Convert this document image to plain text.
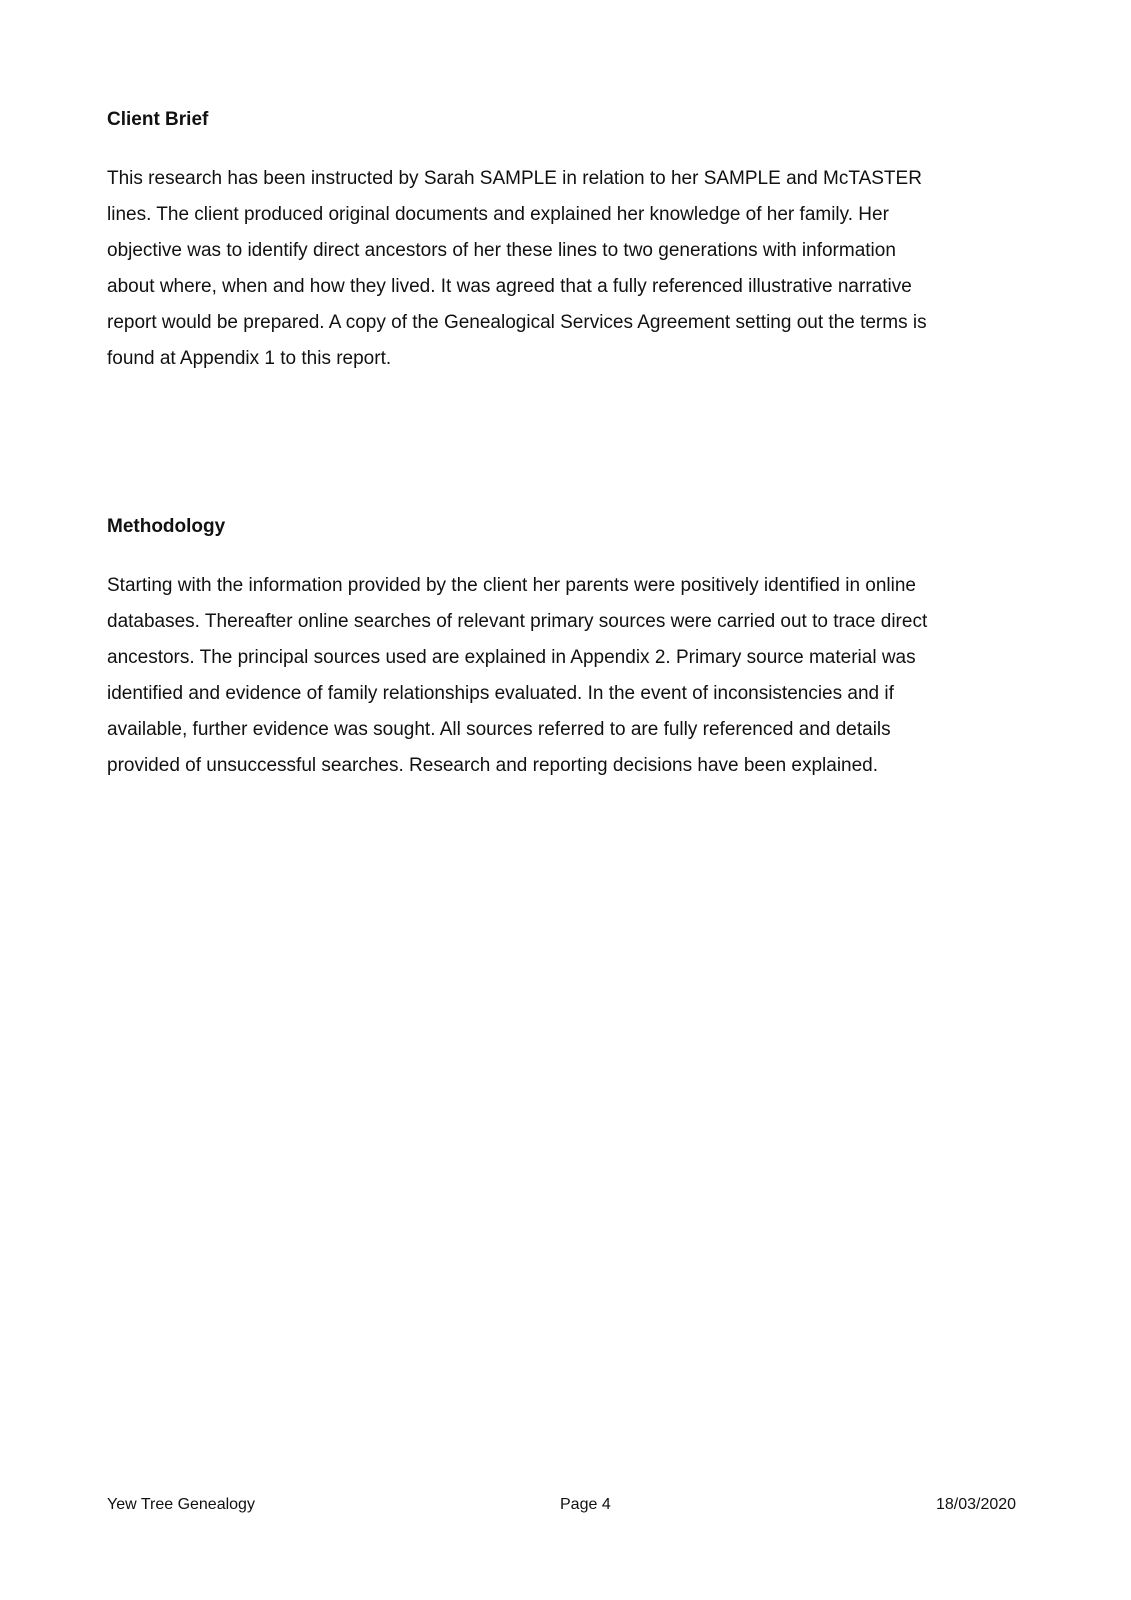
Client Brief

This research has been instructed by Sarah SAMPLE in relation to her SAMPLE and McTASTER
lines. The client produced original documents and explained her knowledge of her family. Her
objective was to identify direct ancestors of her these lines to two generations with information
about where, when and how they lived. It was agreed that a fully referenced illustrative narrative
report would be prepared. A copy of the Genealogical Services Agreement setting out the terms is
found at Appendix 1 to this report.

Methodology

Starting with the information provided by the client her parents were positively identified in online
databases. Thereafter online searches of relevant primary sources were carried out to trace direct
ancestors. The principal sources used are explained in Appendix 2. Primary source material was
identified and evidence of family relationships evaluated. In the event of inconsistencies and if
available, further evidence was sought. All sources referred to are fully referenced and details
provided of unsuccessful searches. Research and reporting decisions have been explained.

Yew Tree Genealogy	Page 4	18/03/2020
